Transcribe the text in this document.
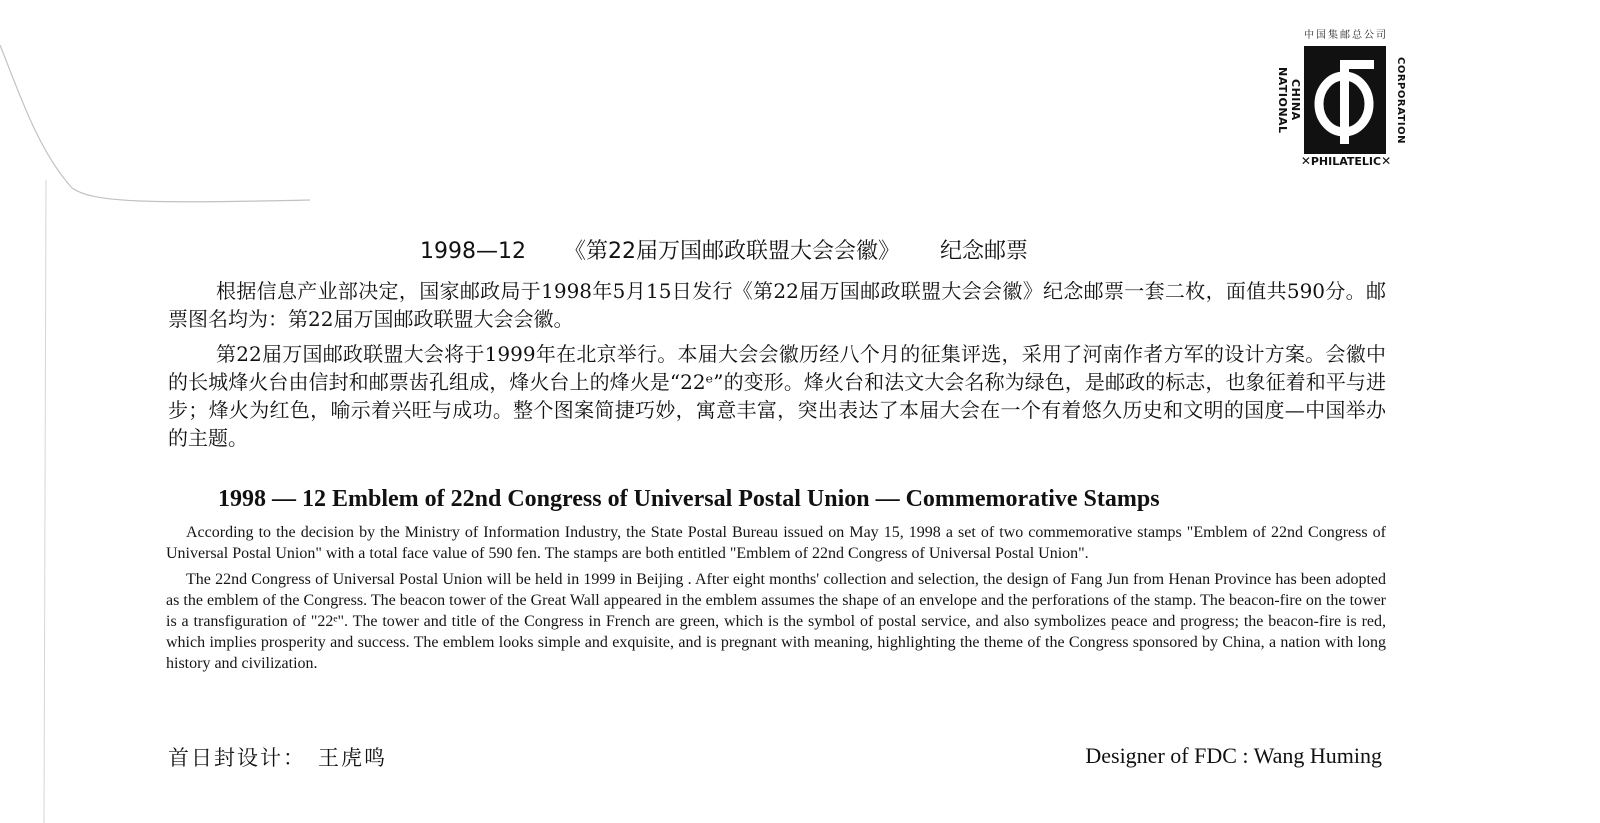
中国集邮总公司
CHINA NATIONAL	CORPORATION
✕PHILATELIC✕
1998—12 《第22届万国邮政联盟大会会徽》 纪念邮票

根据信息产业部决定，国家邮政局于1998年5月15日发行《第22届万国邮政联盟大会会徽》纪念邮票一套二枚，面值共590分。邮票图名均为：第22届万国邮政联盟大会会徽。

第22届万国邮政联盟大会将于1999年在北京举行。本届大会会徽历经八个月的征集评选，采用了河南作者方军的设计方案。会徽中的长城烽火台由信封和邮票齿孔组成，烽火台上的烽火是“22ᵉ”的变形。烽火台和法文大会名称为绿色，是邮政的标志，也象征着和平与进步；烽火为红色，喻示着兴旺与成功。整个图案简捷巧妙，寓意丰富，突出表达了本届大会在一个有着悠久历史和文明的国度—中国举办的主题。

1998 — 12 Emblem of 22nd Congress of Universal Postal Union — Commemorative Stamps

According to the decision by the Ministry of Information Industry, the State Postal Bureau issued on May 15, 1998 a set of two commemorative stamps "Emblem of 22nd Congress of Universal Postal Union" with a total face value of 590 fen. The stamps are both entitled "Emblem of 22nd Congress of Universal Postal Union".

The 22nd Congress of Universal Postal Union will be held in 1999 in Beijing . After eight months' collection and selection, the design of Fang Jun from Henan Province has been adopted as the emblem of the Congress. The beacon tower of the Great Wall appeared in the emblem assumes the shape of an envelope and the perforations of the stamp. The beacon-fire on the tower is a transfiguration of "22ᵉ". The tower and title of the Congress in French are green, which is the symbol of postal service, and also symbolizes peace and progress; the beacon-fire is red, which implies prosperity and success. The emblem looks simple and exquisite, and is pregnant with meaning, highlighting the theme of the Congress sponsored by China, a nation with long history and civilization.

首日封设计： 王虎鸣	Designer of FDC : Wang Huming
